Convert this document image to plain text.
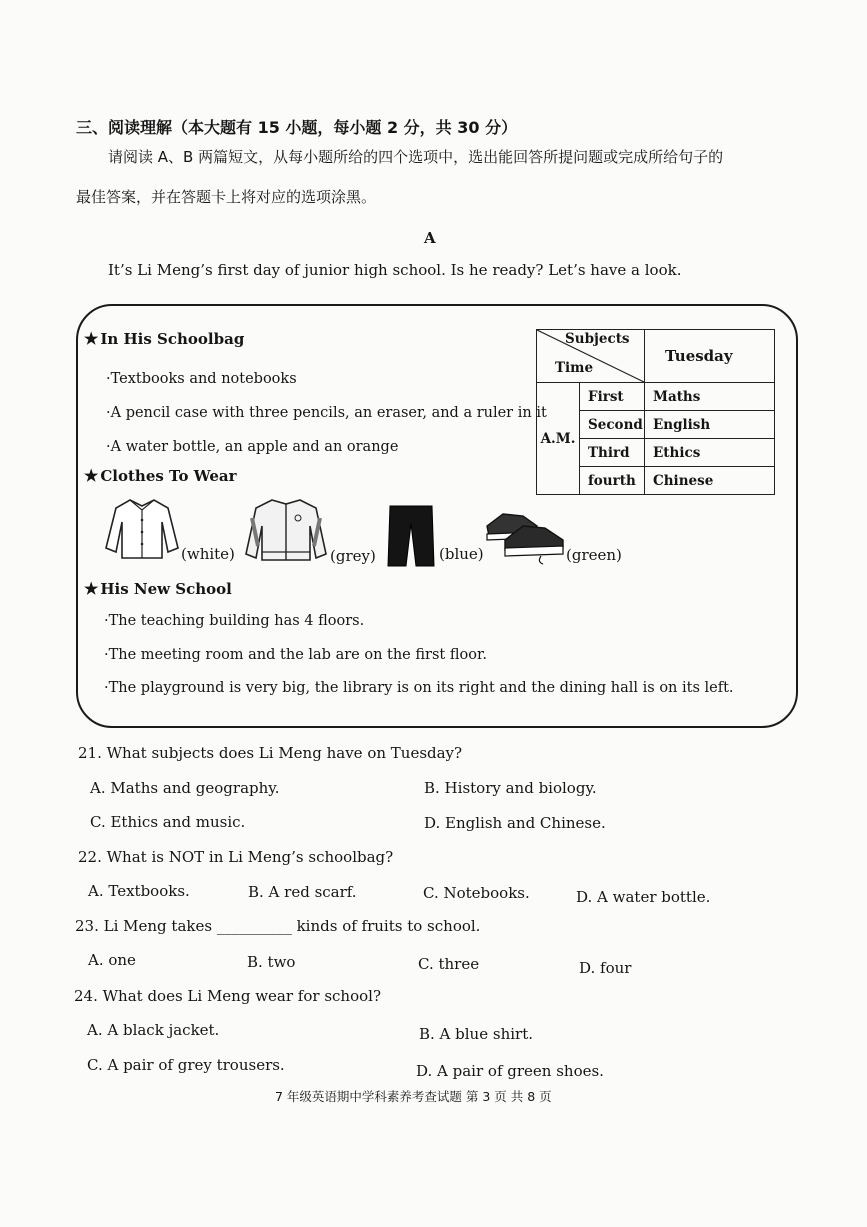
三、阅读理解（本大题有 15 小题，每小题 2 分，共 30 分）
请阅读 A、B 两篇短文，从每小题所给的四个选项中，选出能回答所提问题或完成所给句子的
最佳答案，并在答题卡上将对应的选项涂黑。
A
It’s Li Meng’s first day of junior high school. Is he ready? Let’s have a look.
★ In His Schoolbag
·Textbooks and notebooks
·A pencil case with three pencils, an eraser, and a ruler in it
·A water bottle, an apple and an orange
★ Clothes To Wear
(white)	(grey)	(blue)	(green)
★ His New School
·The teaching building has 4 floors.
·The meeting room and the lab are on the first floor.
·The playground is very big, the library is on its right and the dining hall is on its left.
Subjects
Time		Tuesday
A.M.	First	Maths
	Second	English
	Third	Ethics
	fourth	Chinese
21. What subjects does Li Meng have on Tuesday?
A. Maths and geography.	B. History and biology.
C. Ethics and music.	D. English and Chinese.
22. What is NOT in Li Meng’s schoolbag?
A. Textbooks.	B. A red scarf.	C. Notebooks.	D. A water bottle.
23. Li Meng takes __________ kinds of fruits to school.
A. one	B. two	C. three	D. four
24. What does Li Meng wear for school?
A. A black jacket.	B. A blue shirt.
C. A pair of grey trousers.	D. A pair of green shoes.
7 年级英语期中学科素养考查试题 第 3 页 共 8 页
